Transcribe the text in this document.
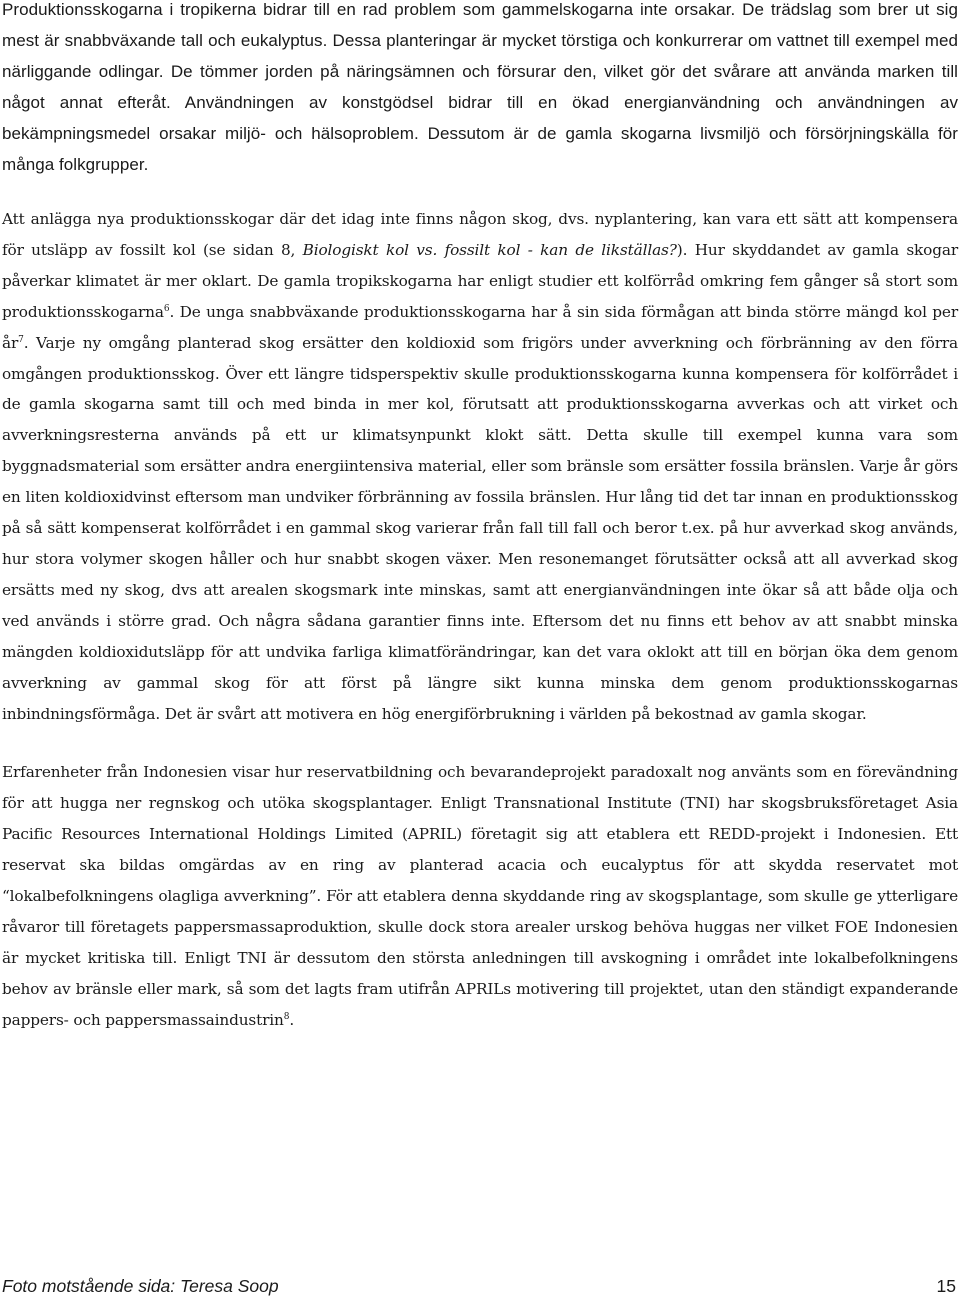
Produktionsskogarna i tropikerna bidrar till en rad problem som gammelskogarna inte orsakar. De trädslag som brer ut sig mest är snabbväxande tall och eukalyptus. Dessa planteringar är mycket törstiga och konkurrerar om vattnet till exempel med närliggande odlingar. De tömmer jorden på näringsämnen och försurar den, vilket gör det svårare att använda marken till något annat efteråt. Användningen av konstgödsel bidrar till en ökad energianvändning och användningen av bekämpningsmedel orsakar miljö- och hälsoproblem. Dessutom är de gamla skogarna livsmiljö och försörjningskälla för många folkgrupper.

Att anlägga nya produktionsskogar där det idag inte finns någon skog, dvs. nyplantering, kan vara ett sätt att kompensera för utsläpp av fossilt kol (se sidan 8, Biologiskt kol vs. fossilt kol - kan de likställas?). Hur skyddandet av gamla skogar påverkar klimatet är mer oklart. De gamla tropikskogarna har enligt studier ett kolförråd omkring fem gånger så stort som produktionsskogarna$^6$. De unga snabbväxande produktionsskogarna har å sin sida förmågan att binda större mängd kol per $år^7$. Varje ny omgång planterad skog ersätter den koldioxid som frigörs under avverkning och förbränning av den förra omgången produktionsskog. Över ett längre tidsperspektiv skulle produktionsskogarna kunna kompensera för kolförrådet i de gamla skogarna samt till och med binda in mer kol, förutsatt att produktionsskogarna avverkas och att virket och avverkningsresterna används på ett ur klimatsynpunkt klokt sätt. Detta skulle till exempel kunna vara som byggnadsmaterial som ersätter andra energiintensiva material, eller som bränsle som ersätter fossila bränslen. Varje år görs en liten koldioxidvinst eftersom man undviker förbränning av fossila bränslen. Hur lång tid det tar innan en produktionsskog på så sätt kompenserat kolförrådet i en gammal skog varierar från fall till fall och beror t.ex. på hur avverkad skog används, hur stora volymer skogen håller och hur snabbt skogen växer. Men resonemanget förutsätter också att all avverkad skog ersätts med ny skog, dvs att arealen skogsmark inte minskas, samt att energianvändningen inte ökar så att både olja och ved används i större grad. Och några sådana garantier finns inte. Eftersom det nu finns ett behov av att snabbt minska mängden koldioxidutsläpp för att undvika farliga klimatförändringar, kan det vara oklokt att till en början öka dem genom avverkning av gammal skog för att först på längre sikt kunna minska dem genom produktionsskogarnas inbindningsförmåga. Det är svårt att motivera en hög energiförbrukning i världen på bekostnad av gamla skogar.

Erfarenheter från Indonesien visar hur reservatbildning och bevarandeprojekt paradoxalt nog använts som en förevändning för att hugga ner regnskog och utöka skogsplantager. Enligt Transnational Institute (TNI) har skogsbruksföretaget Asia Pacific Resources International Holdings Limited (APRIL) företagit sig att etablera ett REDD-projekt i Indonesien. Ett reservat ska bildas omgärdas av en ring av planterad acacia och eucalyptus för att skydda reservatet mot “lokalbefolkningens olagliga avverkning”. För att etablera denna skyddande ring av skogsplantage, som skulle ge ytterligare råvaror till företagets pappersmassaproduktion, skulle dock stora arealer urskog behöva huggas ner vilket FOE Indonesien är mycket kritiska till. Enligt TNI är dessutom den största anledningen till avskogning i området inte lokalbefolkningens behov av bränsle eller mark, så som det lagts fram utifrån APRILs motivering till projektet, utan den ständigt expanderande pappers- och pappersmassaindustrin$^8$.

Foto motstående sida: Teresa Soop	15
